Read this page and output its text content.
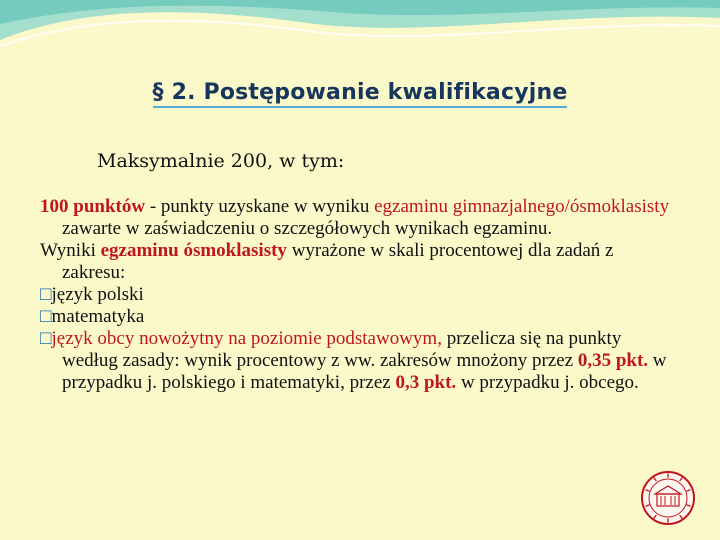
§ 2. Postępowanie kwalifikacyjne
Maksymalnie 200, w tym:

100 punktów - punkty uzyskane w wyniku egzaminu gimnazjalnego/ósmoklasisty zawarte w zaświadczeniu o szczegółowych wynikach egzaminu.

Wyniki egzaminu ósmoklasisty wyrażone w skali procentowej dla zadań z zakresu:

□język polski

□matematyka

□język obcy nowożytny na poziomie podstawowym, przelicza się na punkty według zasady: wynik procentowy z ww. zakresów mnożony przez 0,35 pkt. w przypadku j. polskiego i matematyki, przez 0,3 pkt. w przypadku j. obcego.
